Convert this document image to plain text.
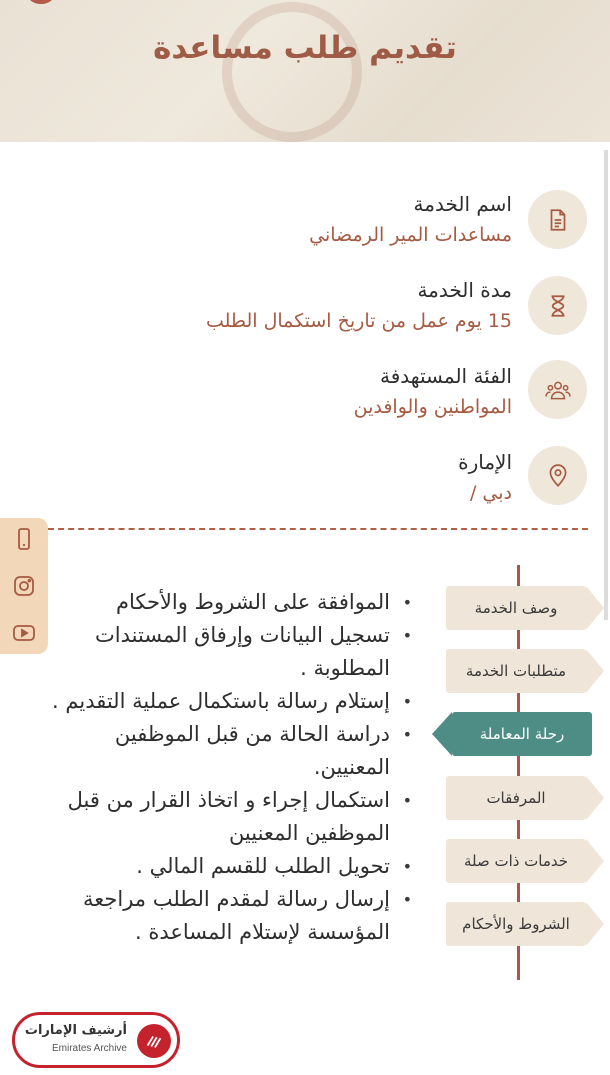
تقديم طلب مساعدة
اسم الخدمة
مساعدات المير الرمضاني
مدة الخدمة
15 يوم عمل من تاريخ استكمال الطلب
الفئة المستهدفة
المواطنين والوافدين
الإمارة
دبي /
وصف الخدمة
متطلبات الخدمة
رحلة المعاملة
المرفقات
خدمات ذات صلة
الشروط والأحكام
•
الموافقة على الشروط والأحكام
•
تسجيل البيانات وإرفاق المستندات المطلوبة .
•
إستلام رسالة باستكمال عملية التقديم .
•
دراسة الحالة من قبل الموظفين المعنيين.
•
استكمال إجراء و اتخاذ القرار من قبل الموظفين المعنيين
•
تحويل الطلب للقسم المالي .
•
إرسال رسالة لمقدم الطلب مراجعة المؤسسة لإستلام المساعدة .
أرشيف الإمارات
Emirates Archive
